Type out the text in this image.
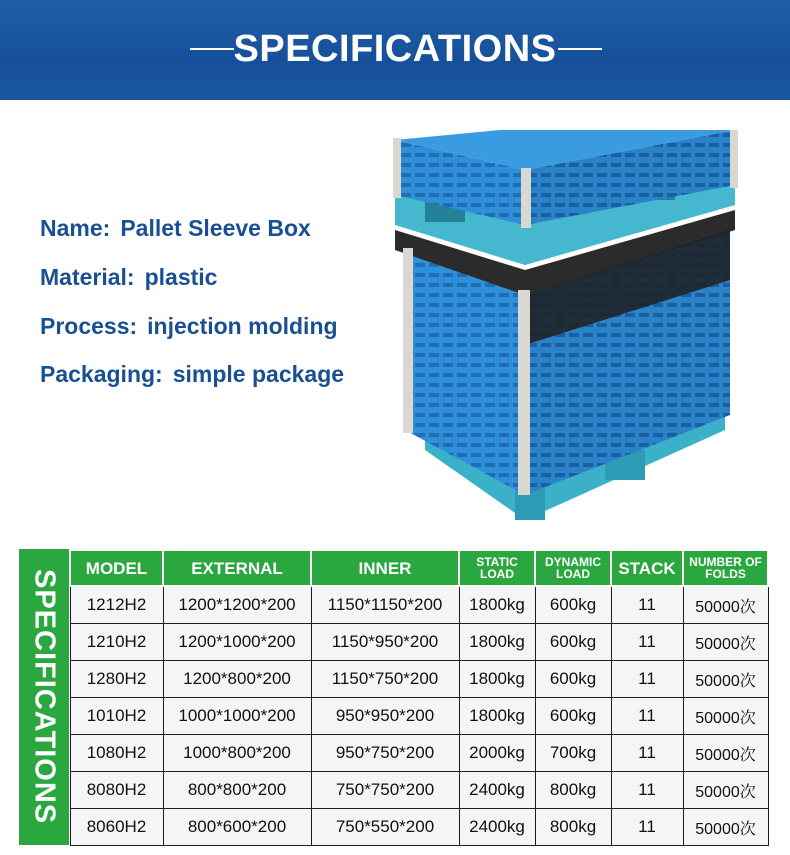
SPECIFICATIONS
Name: Pallet Sleeve Box
Material: plastic
Process: injection molding
Packaging: simple package
SPECIFICATIONS
MODEL	EXTERNAL	INNER	STATIC LOAD	DYNAMIC LOAD	STACK	NUMBER OF FOLDS
1212H2	1200*1200*200	1150*1150*200	1800kg	600kg	11	50000次
1210H2	1200*1000*200	1150*950*200	1800kg	600kg	11	50000次
1280H2	1200*800*200	1150*750*200	1800kg	600kg	11	50000次
1010H2	1000*1000*200	950*950*200	1800kg	600kg	11	50000次
1080H2	1000*800*200	950*750*200	2000kg	700kg	11	50000次
8080H2	800*800*200	750*750*200	2400kg	800kg	11	50000次
8060H2	800*600*200	750*550*200	2400kg	800kg	11	50000次
